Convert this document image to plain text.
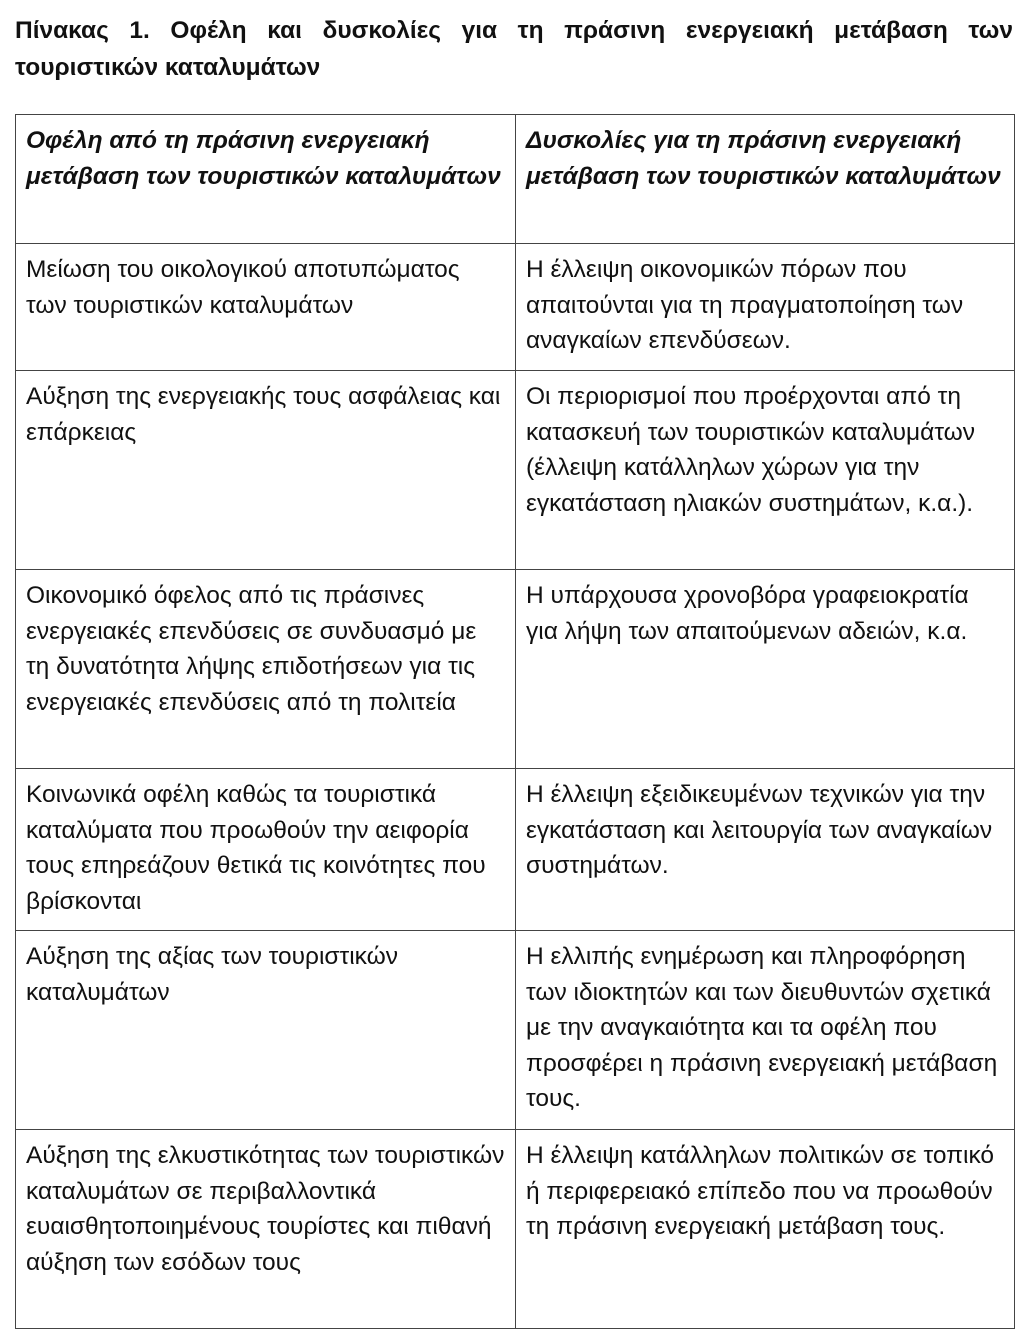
Πίνακας 1. Οφέλη και δυσκολίες για τη πράσινη ενεργειακή μετάβαση των τουριστικών καταλυμάτων
Οφέλη από τη πράσινη ενεργειακή μετάβαση των τουριστικών καταλυμάτων	Δυσκολίες για τη πράσινη ενεργειακή μετάβαση των τουριστικών καταλυμάτων
Μείωση του οικολογικού αποτυπώματος των τουριστικών καταλυμάτων	Η έλλειψη οικονομικών πόρων που απαιτούνται για τη πραγματοποίηση των αναγκαίων επενδύσεων.
Αύξηση της ενεργειακής τους ασφάλειας και επάρκειας	Οι περιορισμοί που προέρχονται από τη κατασκευή των τουριστικών καταλυμάτων (έλλειψη κατάλληλων χώρων για την εγκατάσταση ηλιακών συστημάτων, κ.α.).
Οικονομικό όφελος από τις πράσινες ενεργειακές επενδύσεις σε συνδυασμό με τη δυνατότητα λήψης επιδοτήσεων για τις ενεργειακές επενδύσεις από τη πολιτεία	Η υπάρχουσα χρονοβόρα γραφειοκρατία για λήψη των απαιτούμενων αδειών, κ.α.
Κοινωνικά οφέλη καθώς τα τουριστικά καταλύματα που προωθούν την αειφορία τους επηρεάζουν θετικά τις κοινότητες που βρίσκονται	Η έλλειψη εξειδικευμένων τεχνικών για την εγκατάσταση και λειτουργία των αναγκαίων συστημάτων.
Αύξηση της αξίας των τουριστικών καταλυμάτων	Η ελλιπής ενημέρωση και πληροφόρηση των ιδιοκτητών και των διευθυντών σχετικά με την αναγκαιότητα και τα οφέλη που προσφέρει η πράσινη ενεργειακή μετάβαση τους.
Αύξηση της ελκυστικότητας των τουριστικών καταλυμάτων σε περιβαλλοντικά ευαισθητοποιημένους τουρίστες και πιθανή αύξηση των εσόδων τους	Η έλλειψη κατάλληλων πολιτικών σε τοπικό ή περιφερειακό επίπεδο που να προωθούν τη πράσινη ενεργειακή μετάβαση τους.
